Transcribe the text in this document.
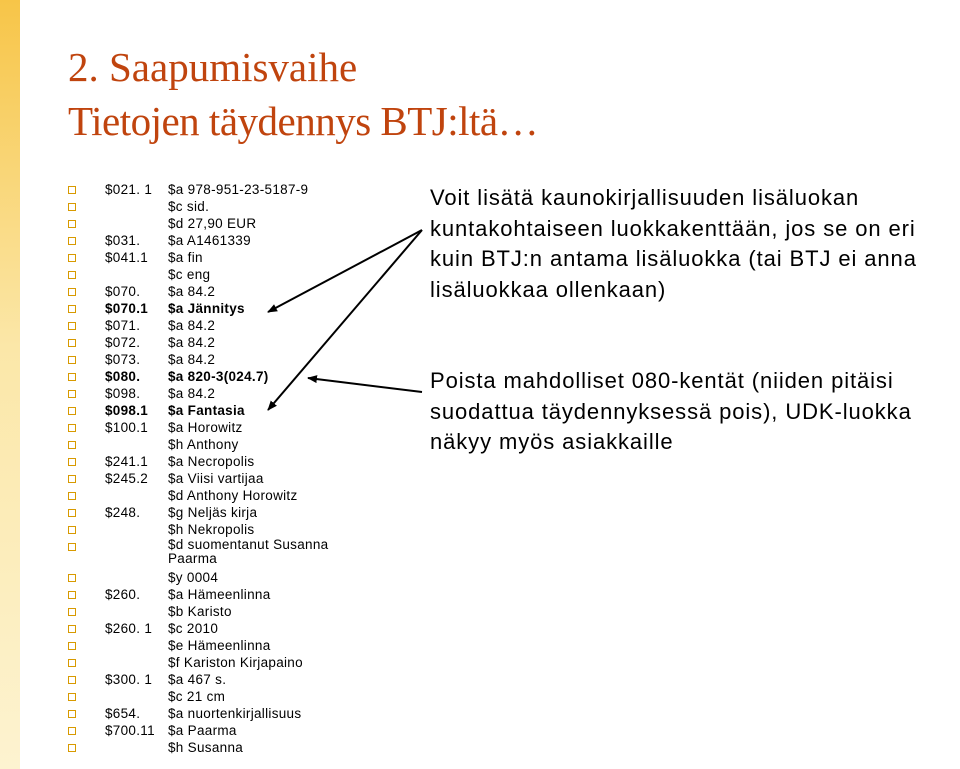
2. Saapumisvaihe
Tietojen täydennys BTJ:ltä…
$021. 1 $a 978-951-23-5187-9
$c sid.
$d 27,90 EUR
$031. $a A1461339
$041.1 $a fin
$c eng
$070. $a 84.2
$070.1 $a Jännitys
$071. $a 84.2
$072. $a 84.2
$073. $a 84.2
$080. $a 820-3(024.7)
$098. $a 84.2
$098.1 $a Fantasia
$100.1 $a Horowitz
$h Anthony
$241.1 $a Necropolis
$245.2 $a Viisi vartijaa
$d Anthony Horowitz
$248. $g Neljäs kirja
$h Nekropolis
$d suomentanut Susanna Paarma
$y 0004
$260. $a Hämeenlinna
$b Karisto
$260. 1 $c 2010
$e Hämeenlinna
$f Kariston Kirjapaino
$300. 1 $a 467 s.
$c 21 cm
$654. $a nuortenkirjallisuus
$700.11 $a Paarma
$h Susanna

Voit lisätä kaunokirjallisuuden lisäluokan kuntakohtaiseen luokkakenttään, jos se on eri kuin BTJ:n antama lisäluokka (tai BTJ ei anna lisäluokkaa ollenkaan)

Poista mahdolliset 080-kentät (niiden pitäisi suodattua täydennyksessä pois), UDK-luokka näkyy myös asiakkaille
